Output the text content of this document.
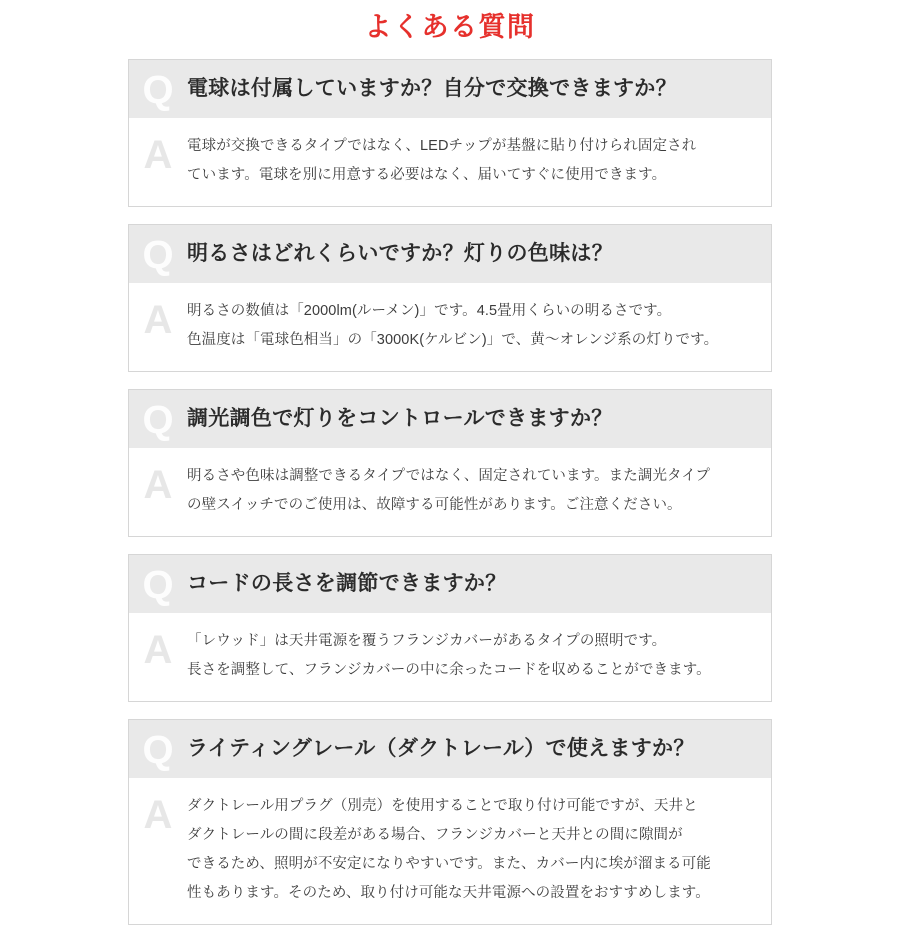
よくある質問
Q 電球は付属していますか？自分で交換できますか？
A	電球が交換できるタイプではなく、LEDチップが基盤に貼り付けられ固定され
ています。電球を別に用意する必要はなく、届いてすぐに使用できます。
Q 明るさはどれくらいですか？灯りの色味は？
A	明るさの数値は「2000lm(ルーメン)」です。4.5畳用くらいの明るさです。
色温度は「電球色相当」の「3000K(ケルビン)」で、黄〜オレンジ系の灯りです。
Q 調光調色で灯りをコントロールできますか？
A	明るさや色味は調整できるタイプではなく、固定されています。また調光タイプ
の壁スイッチでのご使用は、故障する可能性があります。ご注意ください。
Q コードの長さを調節できますか？
A	「レウッド」は天井電源を覆うフランジカバーがあるタイプの照明です。
長さを調整して、フランジカバーの中に余ったコードを収めることができます。
Q ライティングレール（ダクトレール）で使えますか？
A	ダクトレール用プラグ（別売）を使用することで取り付け可能ですが、天井と
ダクトレールの間に段差がある場合、フランジカバーと天井との間に隙間が
できるため、照明が不安定になりやすいです。また、カバー内に埃が溜まる可能
性もあります。そのため、取り付け可能な天井電源への設置をおすすめします。
